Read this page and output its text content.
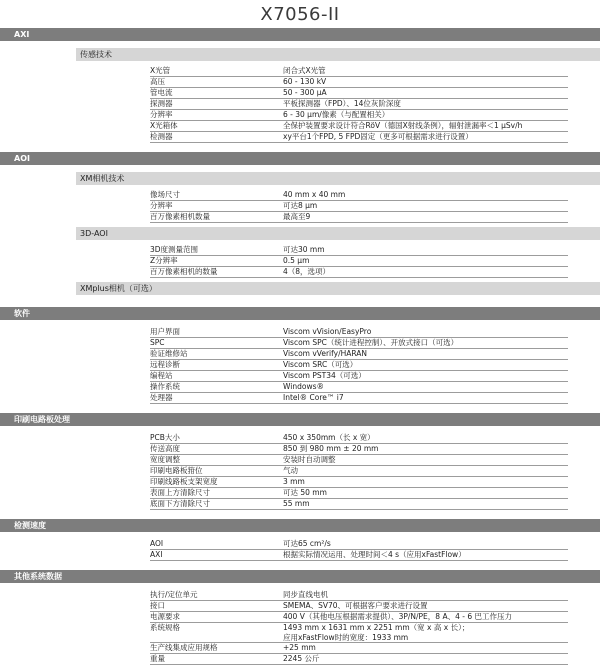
X7056-II
AXI
传感技术
X光管	闭合式X光管
高压	60 - 130 kV
管电流	50 - 300 µA
探测器	平板探测器（FPD）、14位灰阶深度
分辨率	6 - 30 µm/像素（与配置相关）
X光箱体	全保护装置要求设计符合RöV（德国X射线条例），辐射泄漏率＜1 µSv/h
检测器	xy平台1个FPD, 5 FPD固定（更多可根据需求进行设置）
AOI
XM相机技术
像场尺寸	40 mm x 40 mm
分辨率	可达8 µm
百万像素相机数量	最高至9
3D-AOI
3D度测量范围	可达30 mm
Z分辨率	0.5 µm
百万像素相机的数量	4（8，选项）
XMplus相机（可选）
软件
用户界面	Viscom vVision/EasyPro
SPC	Viscom SPC（统计进程控制）、开放式接口（可选）
验证维修站	Viscom vVerify/HARAN
远程诊断	Viscom SRC（可选）
编程站	Viscom PST34（可选）
操作系统	Windows®
处理器	Intel® Core™ i7
印刷电路板处理
PCB大小	450 x 350mm（长 x 宽）
传送高度	850 到 980 mm ± 20 mm
宽度调整	安装时自动调整
印刷电路板箝位	气动
印刷线路板支架宽度	3 mm
表面上方清除尺寸	可达 50 mm
底面下方清除尺寸	55 mm
检测速度
AOI	可达65 cm²/s
AXI	根据实际情况运用、处理时间＜4 s（应用xFastFlow）
其他系统数据
执行/定位单元	同步直线电机
接口	SMEMA、SV70、可根据客户要求进行设置
电源要求	400 V（其他电压根据需求提供）、3P/N/PE，8 A、4 - 6 巴工作压力
系统规格	1493 mm x 1631 mm x 2251 mm（宽 x 高 x 长）；
应用xFastFlow时的宽度：1933 mm
生产线集成应用规格	+25 mm
重量	2245 公斤
